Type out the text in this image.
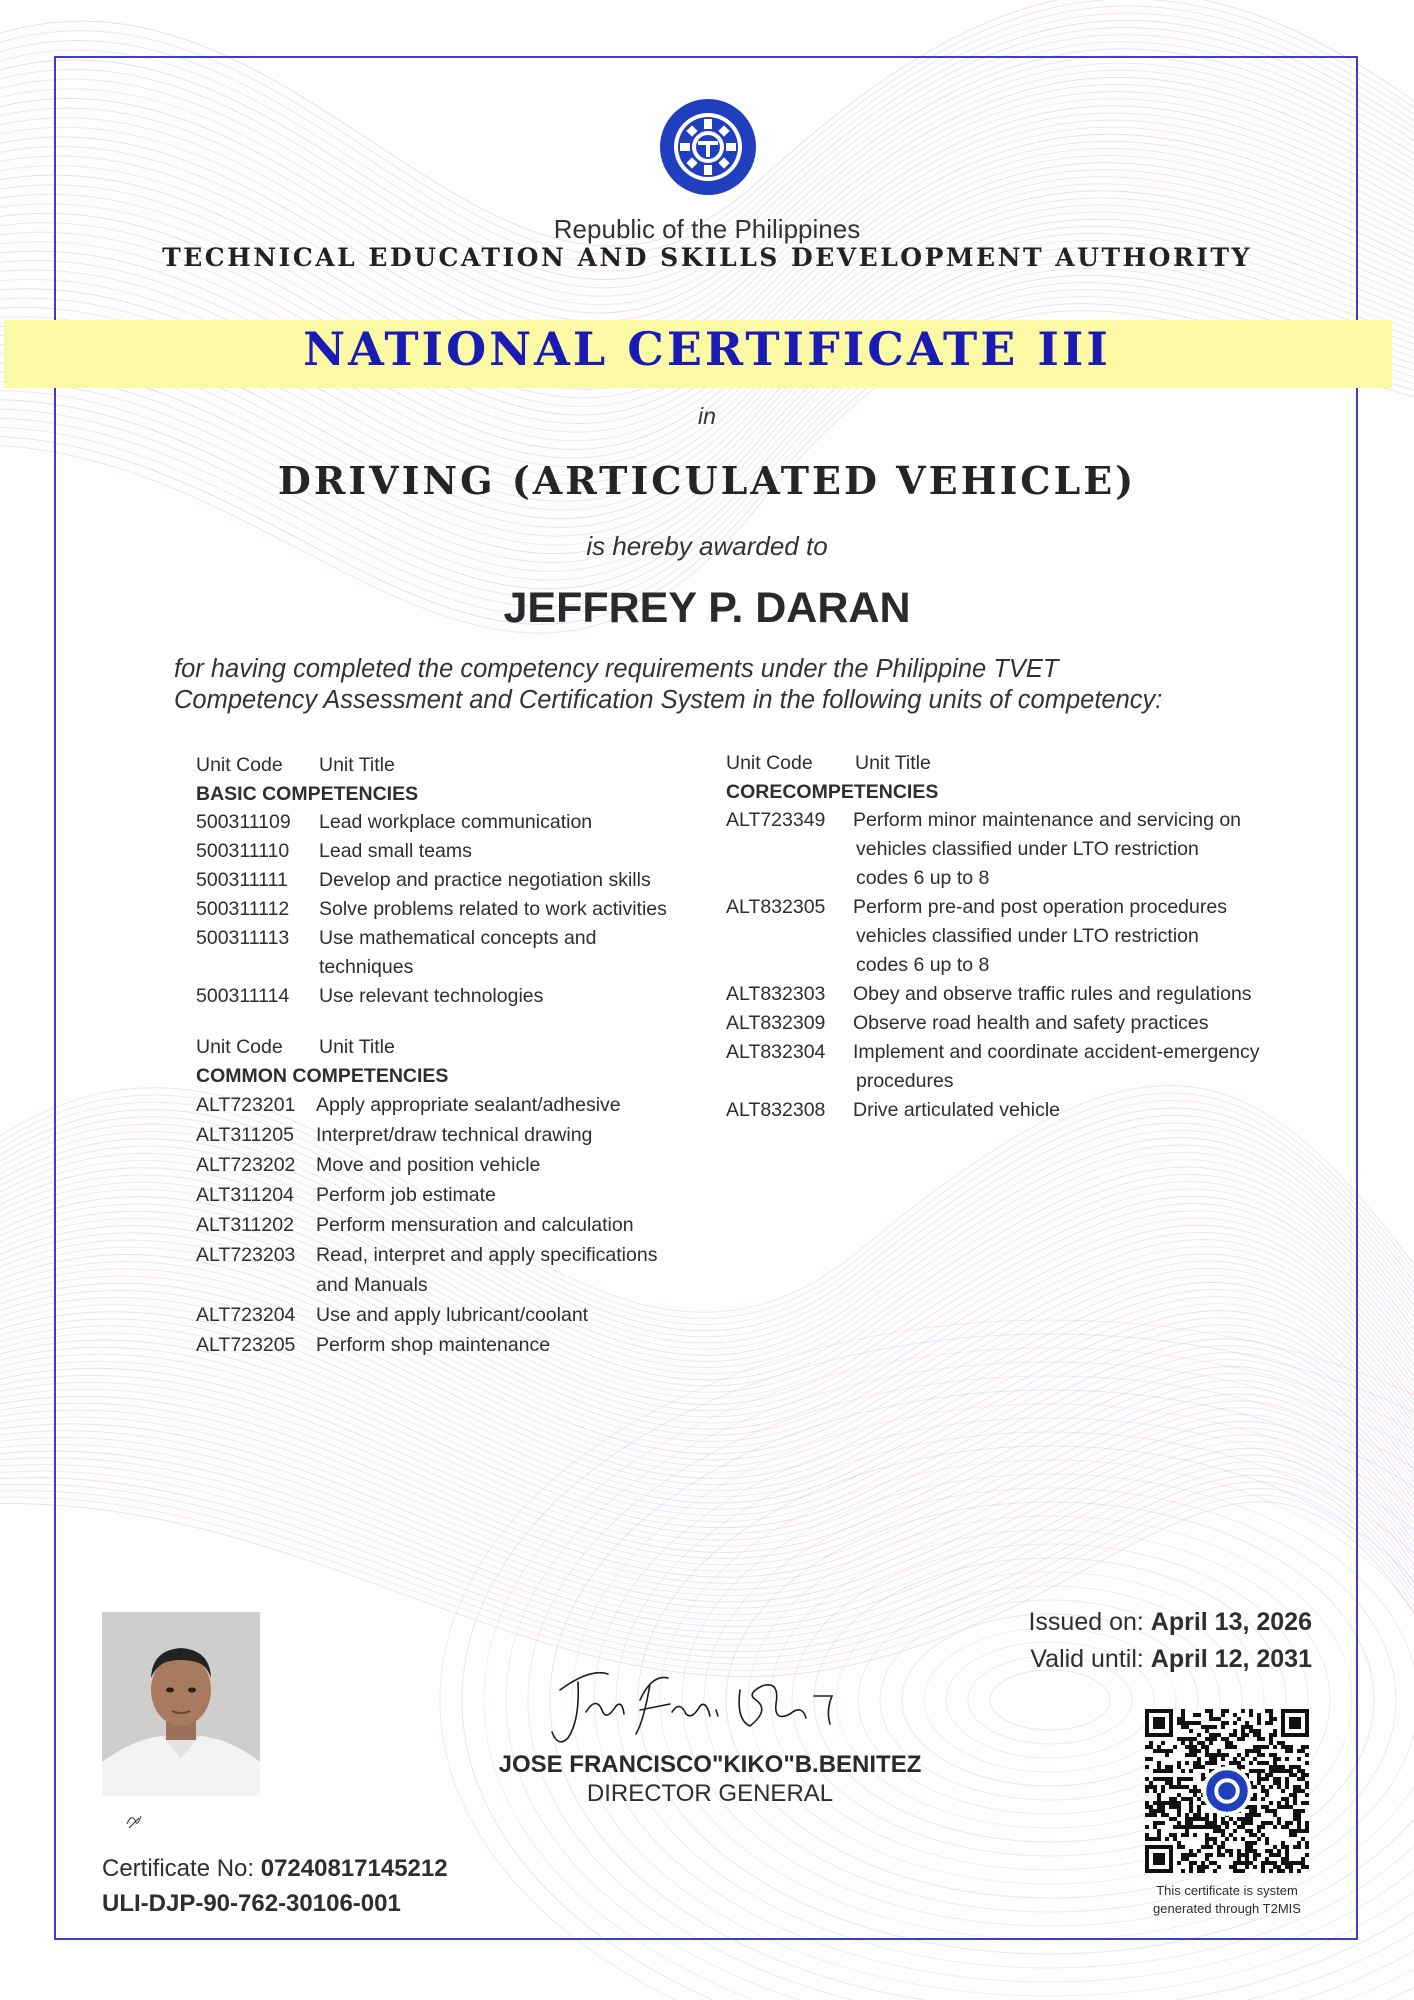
Republic of the Philippines
TECHNICAL EDUCATION AND SKILLS DEVELOPMENT AUTHORITY
NATIONAL CERTIFICATE III
in
DRIVING (ARTICULATED VEHICLE)
is hereby awarded to
JEFFREY P. DARAN
for having completed the competency requirements under the Philippine TVET
Competency Assessment and Certification System in the following units of competency:
Unit Code	Unit Title
BASIC COMPETENCIES
500311109	Lead workplace communication
500311110	Lead small teams
500311111	Develop and practice negotiation skills
500311112	Solve problems related to work activities
500311113	Use mathematical concepts and
techniques
500311114	Use relevant technologies
Unit Code	Unit Title
COMMON COMPETENCIES
ALT723201	Apply appropriate sealant/adhesive
ALT311205	Interpret/draw technical drawing
ALT723202	Move and position vehicle
ALT311204	Perform job estimate
ALT311202	Perform mensuration and calculation
ALT723203	Read, interpret and apply specifications
and Manuals
ALT723204	Use and apply lubricant/coolant
ALT723205	Perform shop maintenance
Unit Code	Unit Title
CORECOMPETENCIES
ALT723349	Perform minor maintenance and servicing on
vehicles classified under LTO restriction
codes 6 up to 8
ALT832305	Perform pre-and post operation procedures
vehicles classified under LTO restriction
codes 6 up to 8
ALT832303	Obey and observe traffic rules and regulations
ALT832309	Observe road health and safety practices
ALT832304	Implement and coordinate accident-emergency
procedures
ALT832308	Drive articulated vehicle
Certificate No: 07240817145212
ULI-DJP-90-762-30106-001
JOSE FRANCISCO"KIKO"B.BENITEZ
DIRECTOR GENERAL
Issued on: April 13, 2026
Valid until: April 12, 2031
This certificate is system
generated through T2MIS
